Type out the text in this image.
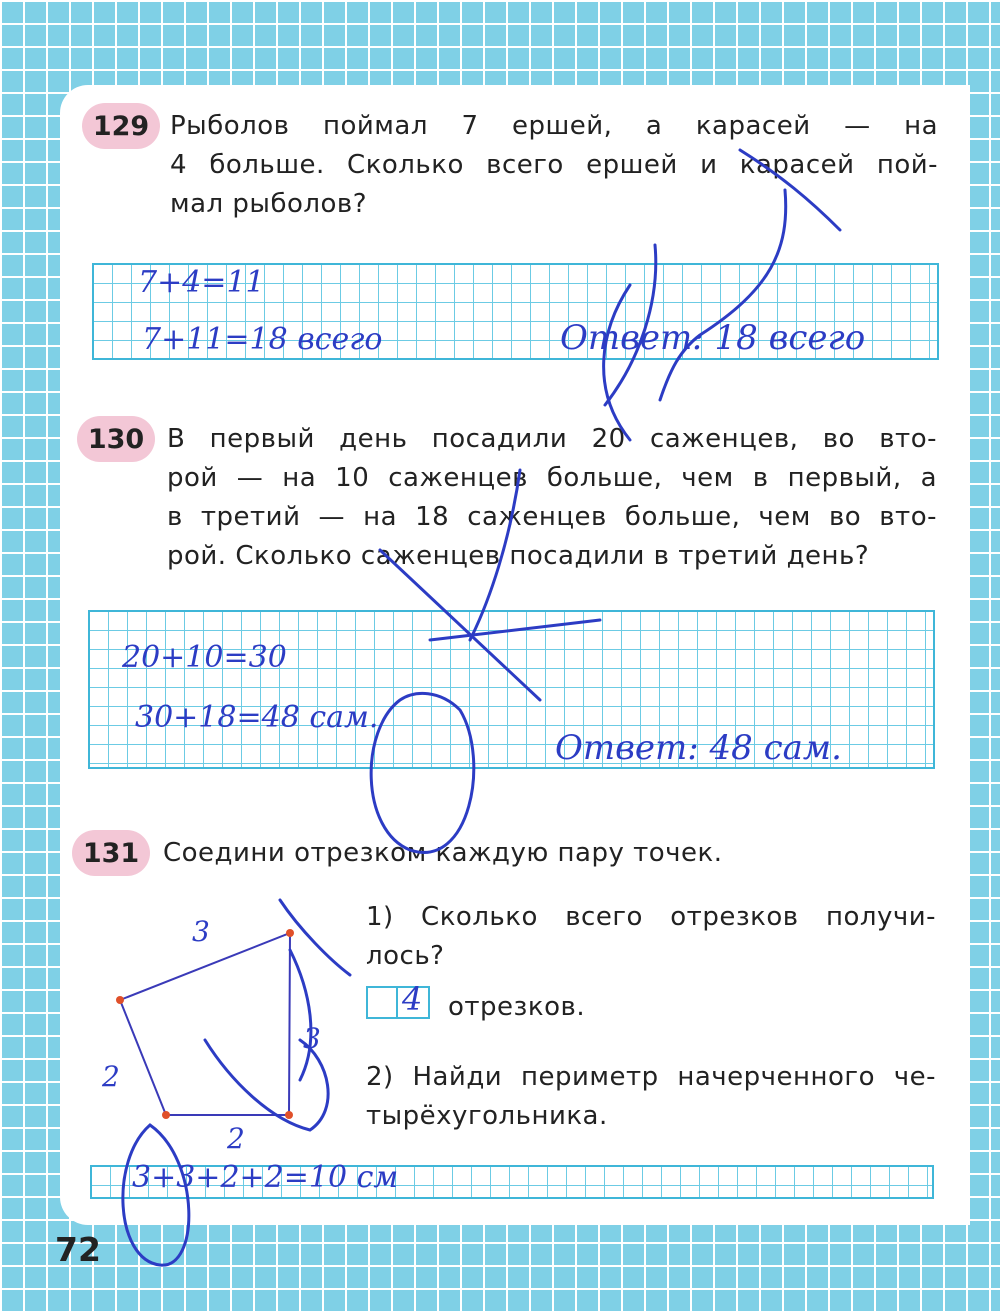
129 Рыболов поймал 7 ершей, а карасей — на
4 больше. Сколько всего ершей и карасей пой-
мал рыболов?
7+4=11
7+11=18 всего	Ответ: 18 всего
130 В первый день посадили 20 саженцев, во вто-
рой — на 10 саженцев больше, чем в первый, а
в третий — на 18 саженцев больше, чем во вто-
рой. Сколько саженцев посадили в третий день?
20+10=30
30+18=48 сам.
Ответ: 48 сам.
131 Соедини отрезком каждую пару точек.
1) Сколько всего отрезков получи-
лось?
4 отрезков.
2) Найди периметр начерченного че-
тырёхугольника.
3+3+2+2=10 см
3
2
3
2
72
